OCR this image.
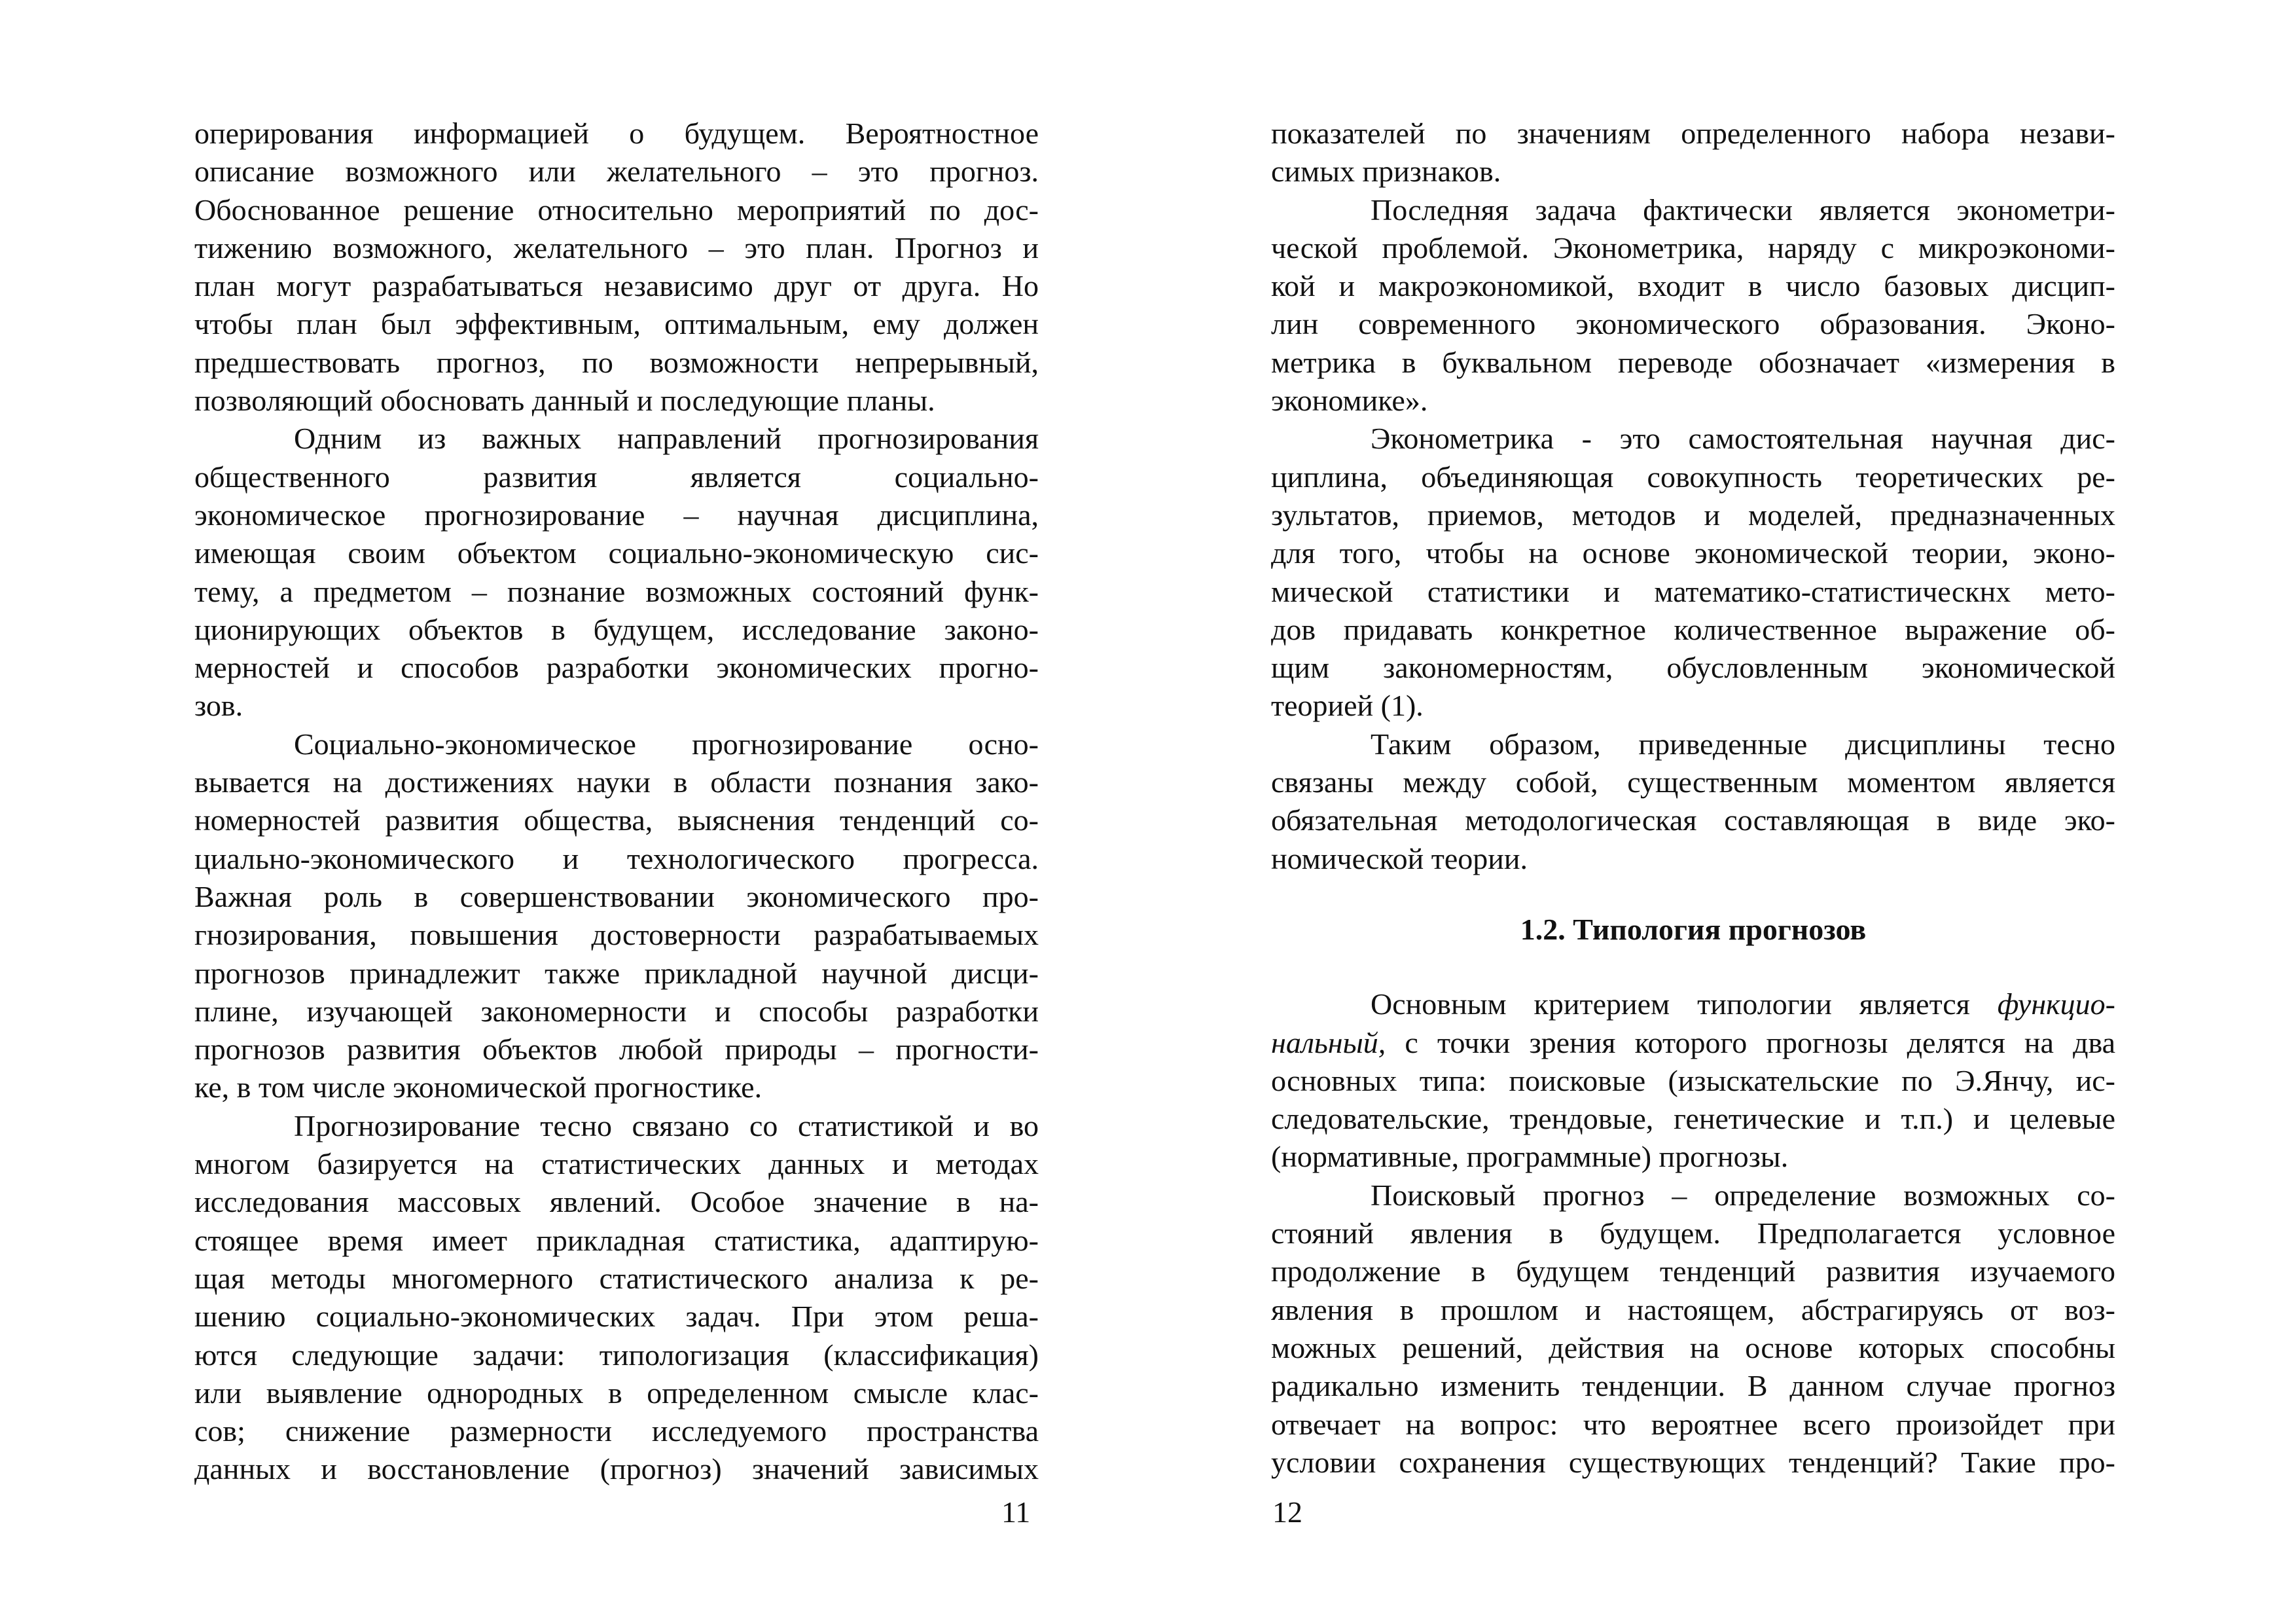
оперирования информацией о будущем. Вероятностное
описание возможного или желательного – это прогноз.
Обоснованное решение относительно мероприятий по дос-
тижению возможного, желательного – это план. Прогноз и
план могут разрабатываться независимо друг от друга. Но
чтобы план был эффективным, оптимальным, ему должен
предшествовать прогноз, по возможности непрерывный,
позволяющий обосновать данный и последующие планы.
Одним из важных направлений прогнозирования
общественного развития является социально-
экономическое прогнозирование – научная дисциплина,
имеющая своим объектом социально-экономическую сис-
тему, а предметом – познание возможных состояний функ-
ционирующих объектов в будущем, исследование законо-
мерностей и способов разработки экономических прогно-
зов.
Социально-экономическое прогнозирование осно-
вывается на достижениях науки в области познания зако-
номерностей развития общества, выяснения тенденций со-
циально-экономического и технологического прогресса.
Важная роль в совершенствовании экономического про-
гнозирования, повышения достоверности разрабатываемых
прогнозов принадлежит также прикладной научной дисци-
плине, изучающей закономерности и способы разработки
прогнозов развития объектов любой природы – прогности-
ке, в том числе экономической прогностике.
Прогнозирование тесно связано со статистикой и во
многом базируется на статистических данных и методах
исследования массовых явлений. Особое значение в на-
стоящее время имеет прикладная статистика, адаптирую-
щая методы многомерного статистического анализа к ре-
шению социально-экономических задач. При этом реша-
ются следующие задачи: типологизация (классификация)
или выявление однородных в определенном смысле клас-
сов; снижение размерности исследуемого пространства
данных и восстановление (прогноз) значений зависимых
11
показателей по значениям определенного набора незави-
симых признаков.
Последняя задача фактически является эконометри-
ческой проблемой. Эконометрика, наряду с микроэкономи-
кой и макроэкономикой, входит в число базовых дисцип-
лин современного экономического образования. Эконо-
метрика в буквальном переводе обозначает «измерения в
экономике».
Эконометрика - это самостоятельная научная дис-
циплина, объединяющая совокупность теоретических ре-
зультатов, приемов, методов и моделей, предназначенных
для того, чтобы на основе экономической теории, эконо-
мической статистики и математико-статистическнх мето-
дов придавать конкретное количественное выражение об-
щим закономерностям, обусловленным экономической
теорией (1).
Таким образом, приведенные дисциплины тесно
связаны между собой, существенным моментом является
обязательная методологическая составляющая в виде эко-
номической теории.
1.2. Типология прогнозов
Основным критерием типологии является функцио-
нальный, с точки зрения которого прогнозы делятся на два
основных типа: поисковые (изыскательские по Э.Янчу, ис-
следовательские, трендовые, генетические и т.п.) и целевые
(нормативные, программные) прогнозы.
Поисковый прогноз – определение возможных со-
стояний явления в будущем. Предполагается условное
продолжение в будущем тенденций развития изучаемого
явления в прошлом и настоящем, абстрагируясь от воз-
можных решений, действия на основе которых способны
радикально изменить тенденции. В данном случае прогноз
отвечает на вопрос: что вероятнее всего произойдет при
условии сохранения существующих тенденций? Такие про-
12
